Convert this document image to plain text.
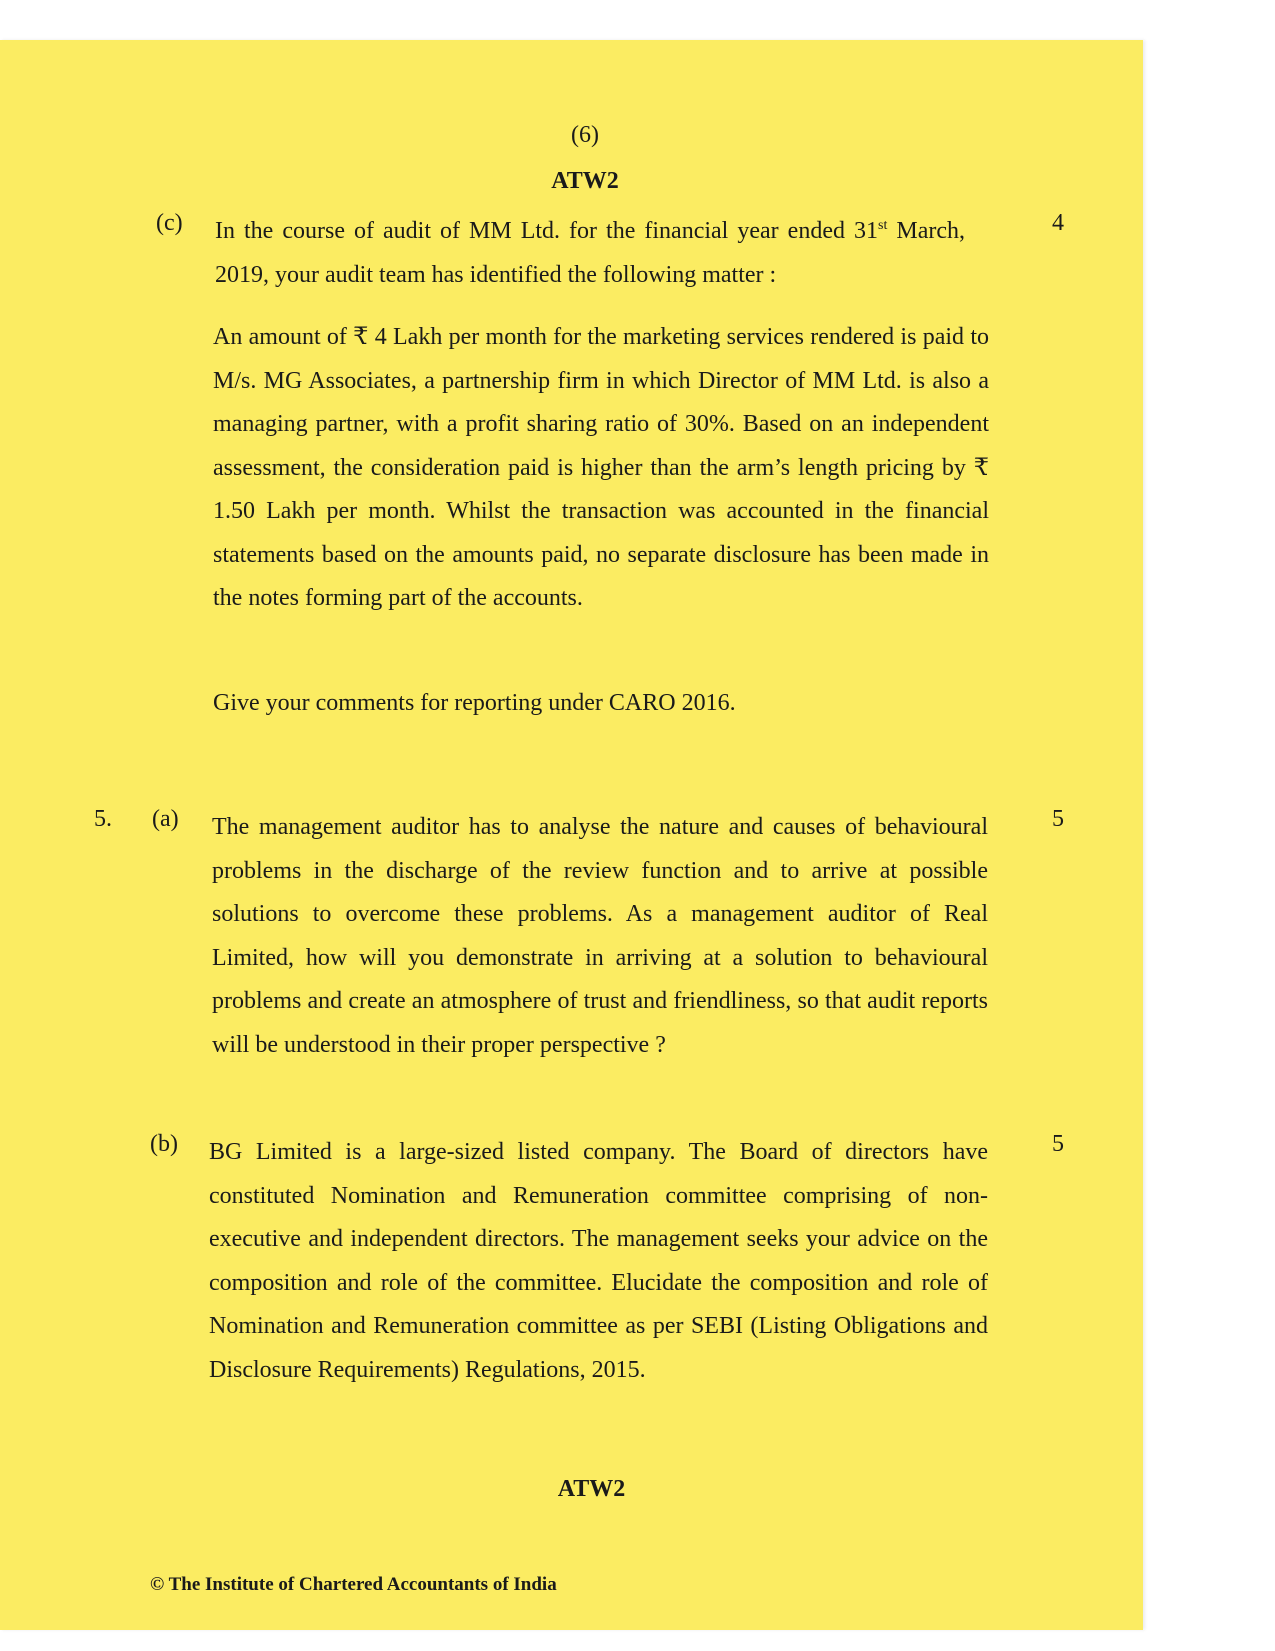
(6)
ATW2
(c)	4

In the course of audit of MM Ltd. for the financial year ended 31st March, 2019, your audit team has identified the following matter :

An amount of ₹ 4 Lakh per month for the marketing services rendered is paid to M/s. MG Associates, a partnership firm in which Director of MM Ltd. is also a managing partner, with a profit sharing ratio of 30%. Based on an independent assessment, the consideration paid is higher than the arm’s length pricing by ₹ 1.50 Lakh per month. Whilst the transaction was accounted in the financial statements based on the amounts paid, no separate disclosure has been made in the notes forming part of the accounts.

Give your comments for reporting under CARO 2016.

5. (a)	5

The management auditor has to analyse the nature and causes of behavioural problems in the discharge of the review function and to arrive at possible solutions to overcome these problems. As a management auditor of Real Limited, how will you demonstrate in arriving at a solution to behavioural problems and create an atmosphere of trust and friendliness, so that audit reports will be understood in their proper perspective ?

(b)	5

BG Limited is a large-sized listed company. The Board of directors have constituted Nomination and Remuneration committee comprising of non-executive and independent directors. The management seeks your advice on the composition and role of the committee. Elucidate the composition and role of Nomination and Remuneration committee as per SEBI (Listing Obligations and Disclosure Requirements) Regulations, 2015.

ATW2
© The Institute of Chartered Accountants of India
